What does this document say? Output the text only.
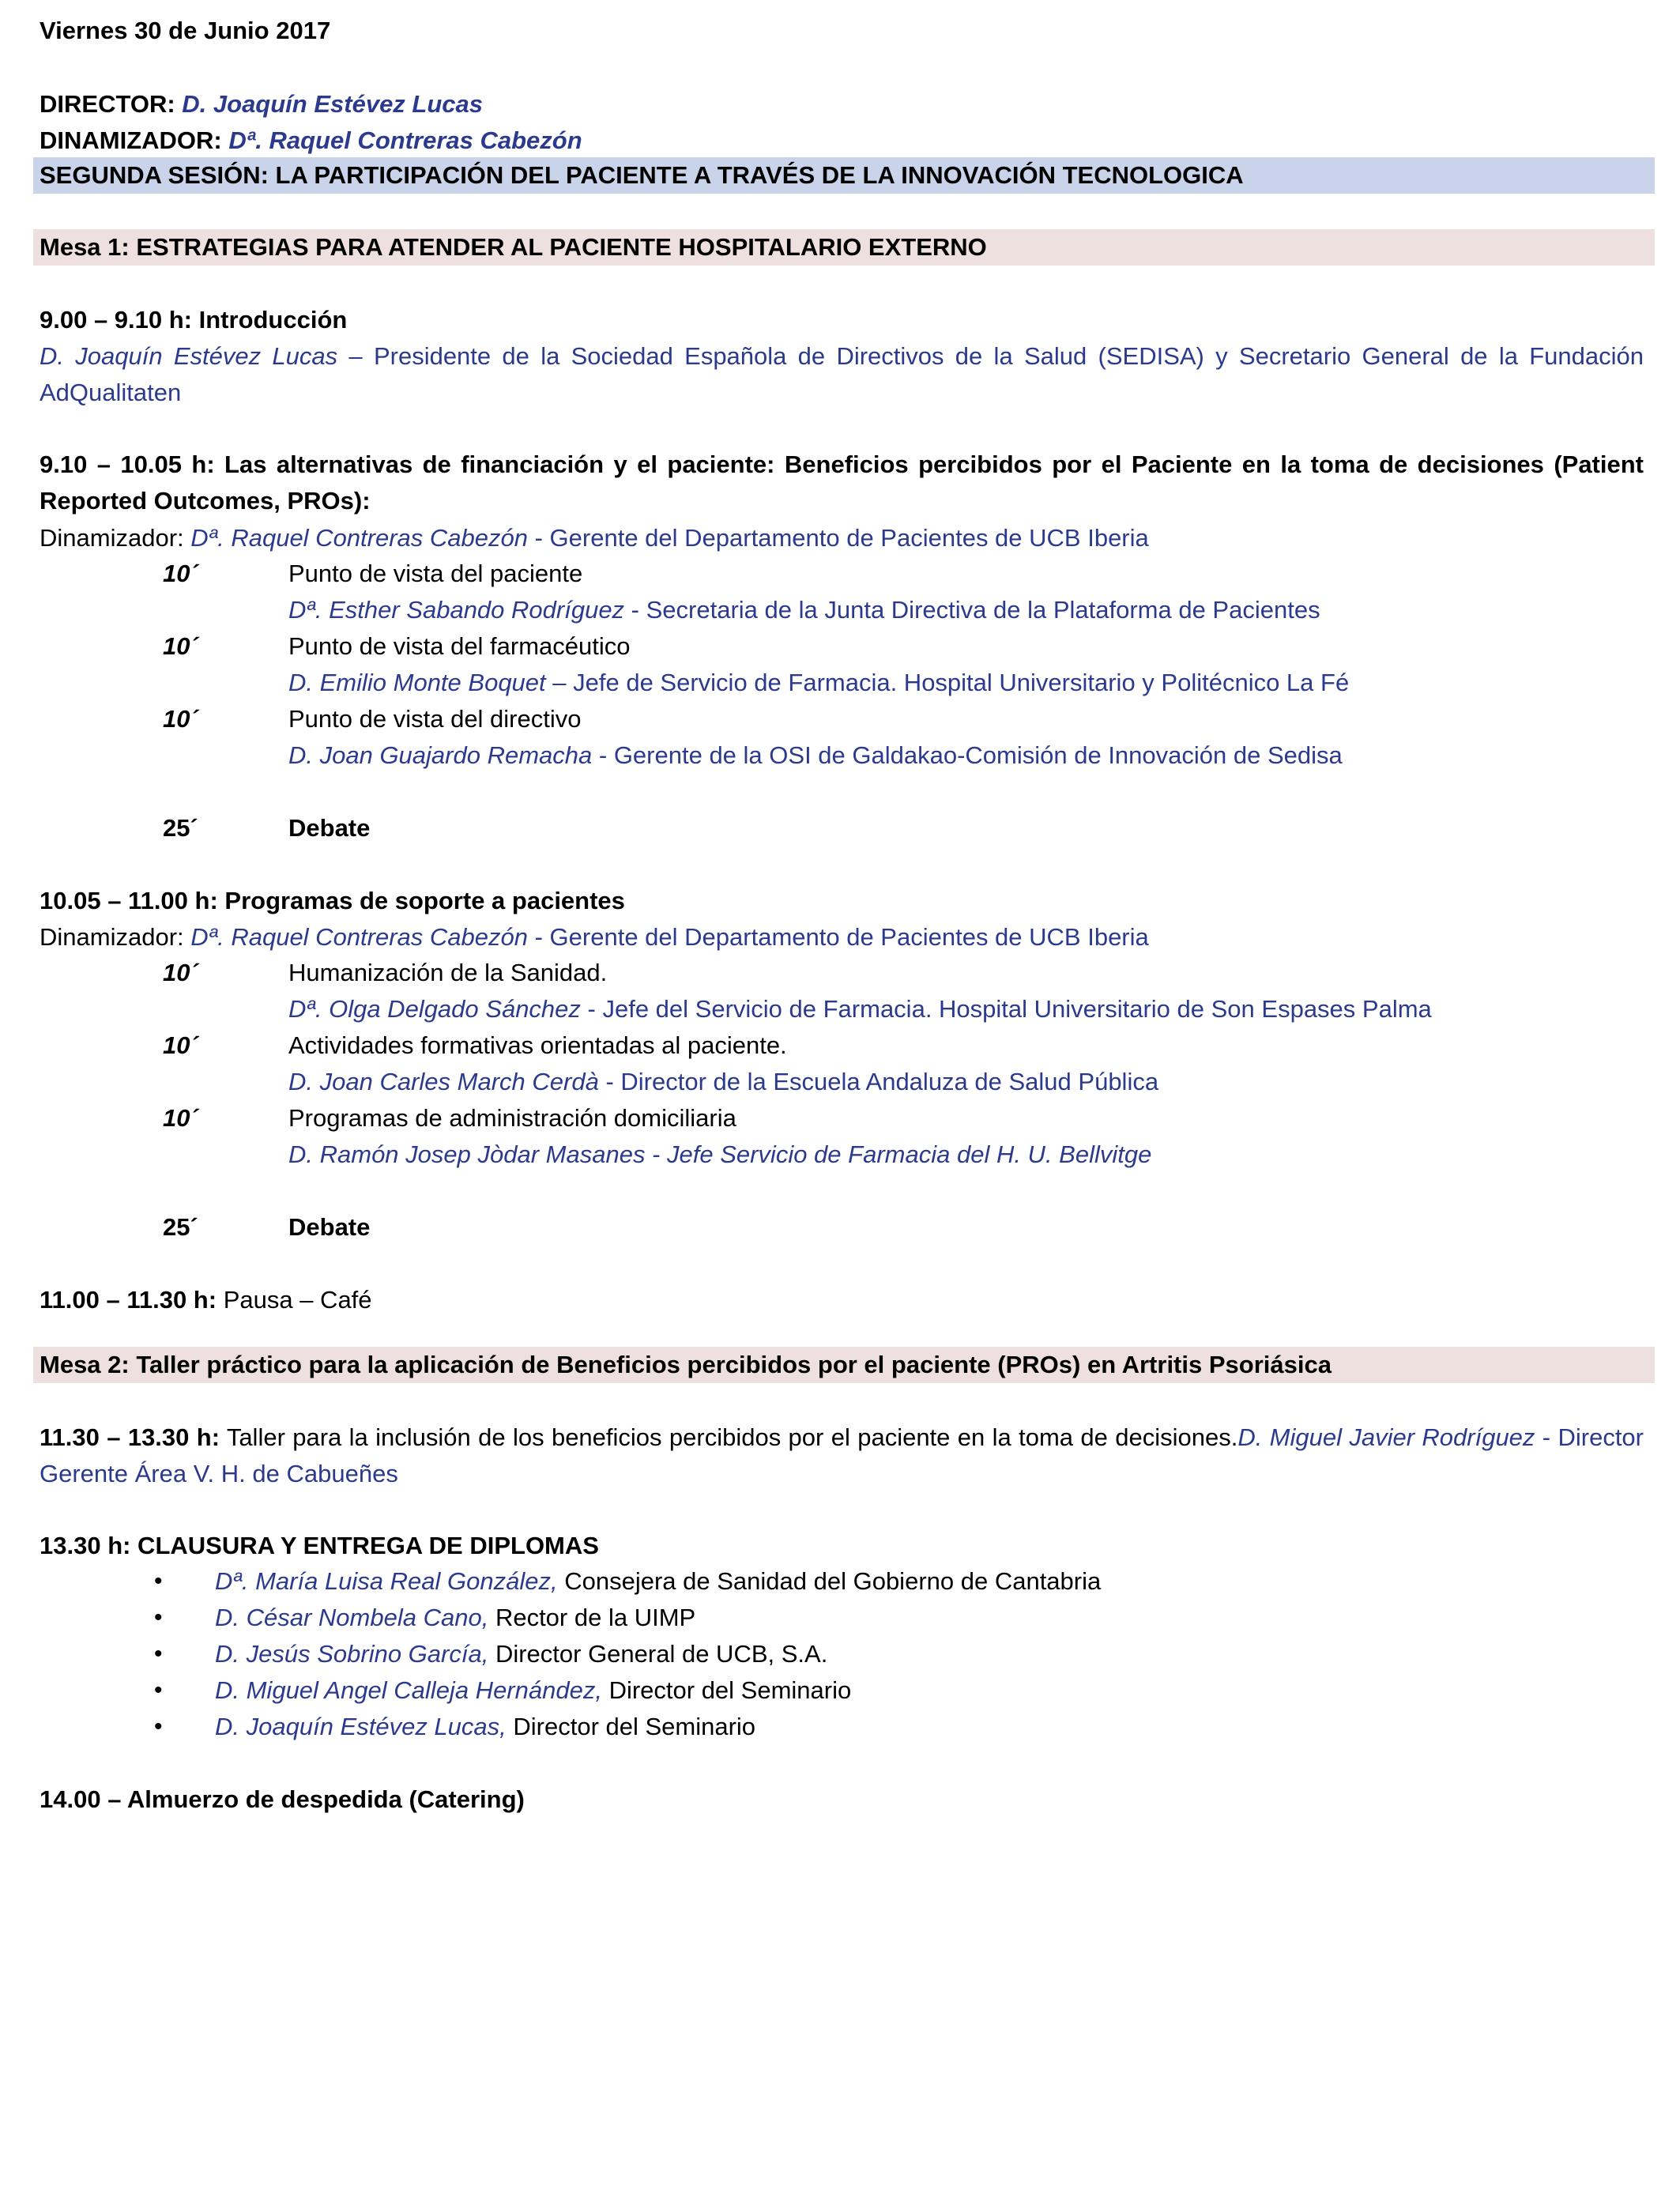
Viernes 30 de Junio 2017
DIRECTOR: D. Joaquín Estévez Lucas
DINAMIZADOR: Dª. Raquel Contreras Cabezón
SEGUNDA SESIÓN: LA PARTICIPACIÓN DEL PACIENTE A TRAVÉS DE LA INNOVACIÓN TECNOLOGICA
Mesa 1: ESTRATEGIAS PARA ATENDER AL PACIENTE HOSPITALARIO EXTERNO
9.00 – 9.10 h: Introducción
D. Joaquín Estévez Lucas – Presidente de la Sociedad Española de Directivos de la Salud (SEDISA) y Secretario General de la Fundación AdQualitaten
9.10 – 10.05 h: Las alternativas de financiación y el paciente: Beneficios percibidos por el Paciente en la toma de decisiones (Patient Reported Outcomes, PROs):
Dinamizador: Dª. Raquel Contreras Cabezón - Gerente del Departamento de Pacientes de UCB Iberia
10´	Punto de vista del paciente
Dª. Esther Sabando Rodríguez - Secretaria de la Junta Directiva de la Plataforma de Pacientes
10´	Punto de vista del farmacéutico
D. Emilio Monte Boquet – Jefe de Servicio de Farmacia. Hospital Universitario y Politécnico La Fé
10´	Punto de vista del directivo
D. Joan Guajardo Remacha - Gerente de la OSI de Galdakao-Comisión de Innovación de Sedisa
25´	Debate
10.05 – 11.00 h: Programas de soporte a pacientes
Dinamizador: Dª. Raquel Contreras Cabezón - Gerente del Departamento de Pacientes de UCB Iberia
10´	Humanización de la Sanidad.
Dª. Olga Delgado Sánchez - Jefe del Servicio de Farmacia. Hospital Universitario de Son Espases Palma
10´	Actividades formativas orientadas al paciente.
D. Joan Carles March Cerdà - Director de la Escuela Andaluza de Salud Pública
10´	Programas de administración domiciliaria
D. Ramón Josep Jòdar Masanes - Jefe Servicio de Farmacia del H. U. Bellvitge
25´	Debate
11.00 – 11.30 h: Pausa – Café
Mesa 2: Taller práctico para la aplicación de Beneficios percibidos por el paciente (PROs) en Artritis Psoriásica
11.30 – 13.30 h: Taller para la inclusión de los beneficios percibidos por el paciente en la toma de decisiones.D. Miguel Javier Rodríguez - Director Gerente Área V. H. de Cabueñes
13.30 h: CLAUSURA Y ENTREGA DE DIPLOMAS
• Dª. María Luisa Real González, Consejera de Sanidad del Gobierno de Cantabria
• D. César Nombela Cano, Rector de la UIMP
• D. Jesús Sobrino García, Director General de UCB, S.A.
• D. Miguel Angel Calleja Hernández, Director del Seminario
• D. Joaquín Estévez Lucas, Director del Seminario
14.00 – Almuerzo de despedida (Catering)
